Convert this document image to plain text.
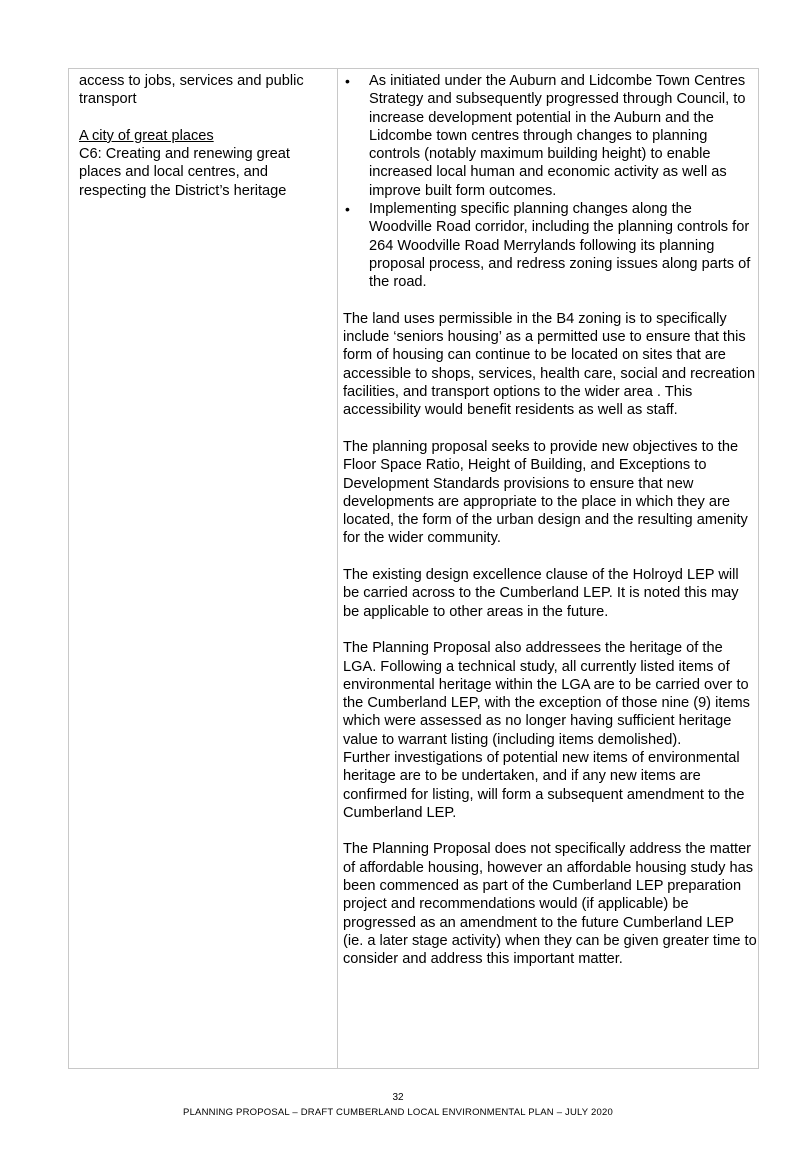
access to jobs, services and public transport

A city of great places

C6: Creating and renewing great places and local centres, and respecting the District’s heritage

• As initiated under the Auburn and Lidcombe Town Centres Strategy and subsequently progressed through Council, to increase development potential in the Auburn and the Lidcombe town centres through changes to planning controls (notably maximum building height) to enable increased local human and economic activity as well as improve built form outcomes.
• Implementing specific planning changes along the Woodville Road corridor, including the planning controls for 264 Woodville Road Merrylands following its planning proposal process, and redress zoning issues along parts of the road.

The land uses permissible in the B4 zoning is to specifically include ‘seniors housing’ as a permitted use to ensure that this form of housing can continue to be located on sites that are accessible to shops, services, health care, social and recreation facilities, and transport options to the wider area . This accessibility would benefit residents as well as staff.

The planning proposal seeks to provide new objectives to the Floor Space Ratio, Height of Building, and Exceptions to Development Standards provisions to ensure that new developments are appropriate to the place in which they are located, the form of the urban design and the resulting amenity for the wider community.

The existing design excellence clause of the Holroyd LEP will be carried across to the Cumberland LEP. It is noted this may be applicable to other areas in the future.

The Planning Proposal also addressees the heritage of the LGA. Following a technical study, all currently listed items of environmental heritage within the LGA are to be carried over to the Cumberland LEP, with the exception of those nine (9) items which were assessed as no longer having sufficient heritage value to warrant listing (including items demolished).

Further investigations of potential new items of environmental heritage are to be undertaken, and if any new items are confirmed for listing, will form a subsequent amendment to the Cumberland LEP.

The Planning Proposal does not specifically address the matter of affordable housing, however an affordable housing study has been commenced as part of the Cumberland LEP preparation project and recommendations would (if applicable) be progressed as an amendment to the future Cumberland LEP (ie. a later stage activity) when they can be given greater time to consider and address this important matter.

32
PLANNING PROPOSAL – DRAFT CUMBERLAND LOCAL ENVIRONMENTAL PLAN – JULY 2020
